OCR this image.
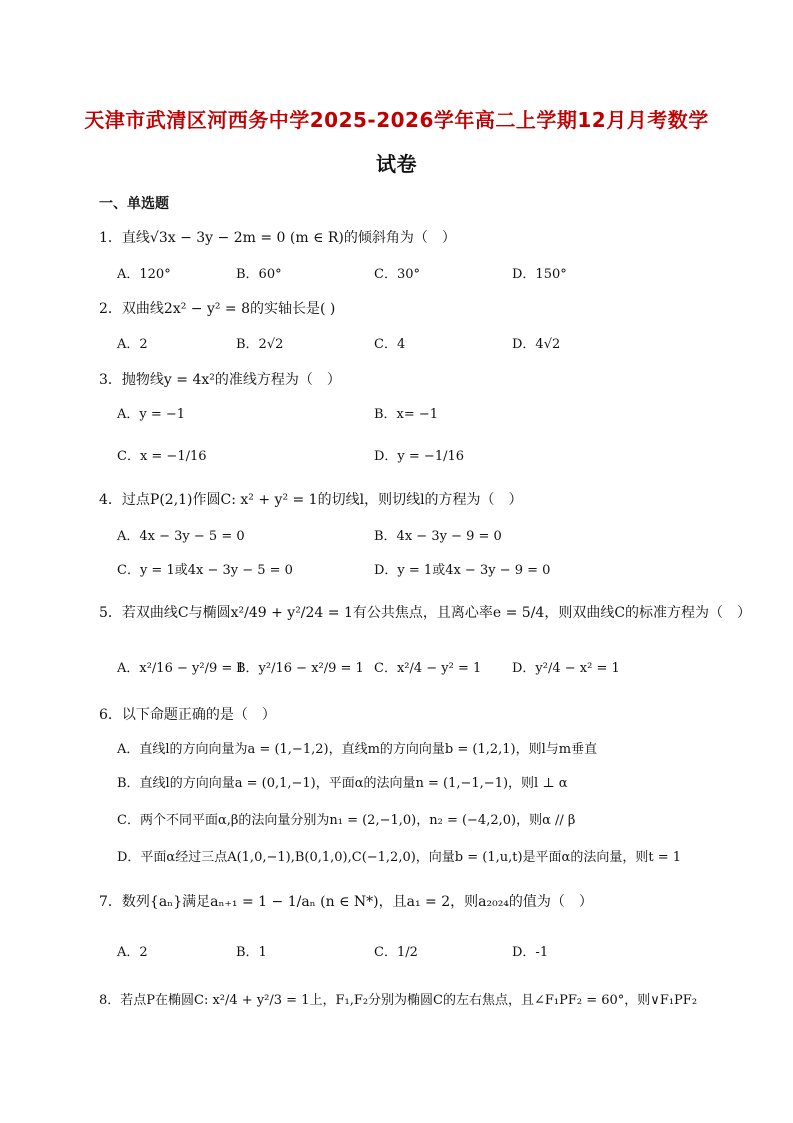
天津市武清区河西务中学2025-2026学年高二上学期12月月考数学
试卷
一、单选题
1．直线√3x − 3y − 2m = 0 (m ∈ R)的倾斜角为（　）
A．120°	B．60°	C．30°	D．150°
2．双曲线2x² − y² = 8的实轴长是( )
A．2	B．2√2	C．4	D．4√2
3．抛物线y = 4x²的准线方程为（　）
A．y = −1	B．x= −1
C．x = −1/16	D．y = −1/16
4．过点P(2,1)作圆C: x² + y² = 1的切线l，则切线l的方程为（　）
A．4x − 3y − 5 = 0	B．4x − 3y − 9 = 0
C．y = 1或4x − 3y − 5 = 0	D．y = 1或4x − 3y − 9 = 0
5．若双曲线C与椭圆x²/49 + y²/24 = 1有公共焦点，且离心率e = 5/4，则双曲线C的标准方程为（　）
A．x²/16 − y²/9 = 1
B．y²/16 − x²/9 = 1 C．x²/4 − y² = 1 D．y²/4 − x² = 1
6．以下命题正确的是（　）
A．直线l的方向向量为a = (1,−1,2)，直线m的方向向量b = (1,2,1)，则l与m垂直
B．直线l的方向向量a = (0,1,−1)，平面α的法向量n = (1,−1,−1)，则l ⊥ α
C．两个不同平面α,β的法向量分别为n₁ = (2,−1,0)，n₂ = (−4,2,0)，则α // β
D．平面α经过三点A(1,0,−1),B(0,1,0),C(−1,2,0)，向量b = (1,u,t)是平面α的法向量，则t = 1
7．数列{aₙ}满足aₙ₊₁ = 1 − 1/aₙ (n ∈ N*)，且a₁ = 2，则a₂₀₂₄的值为（　）
A．2	B．1	C．1/2	D．-1
8．若点P在椭圆C: x²/4 + y²/3 = 1上，F₁,F₂分别为椭圆C的左右焦点，且∠F₁PF₂ = 60°，则∨F₁PF₂
